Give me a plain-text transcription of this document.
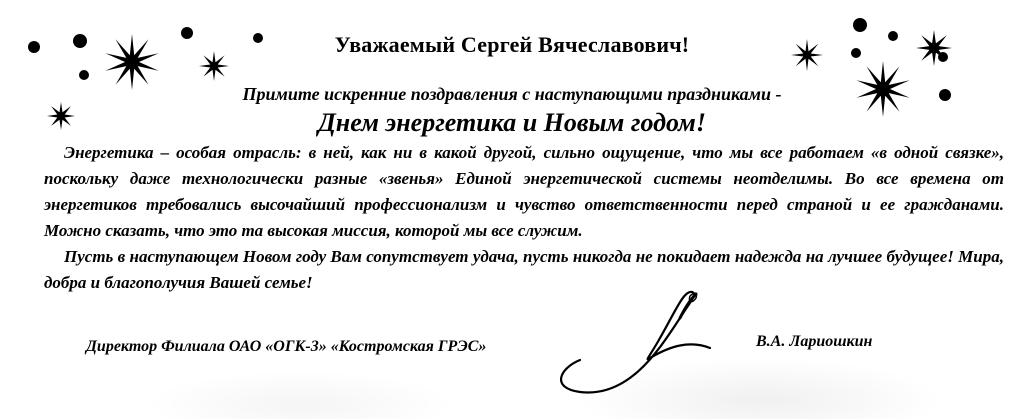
Уважаемый Сергей Вячеславович!
Примите искренние поздравления с наступающими праздниками -
Днем энергетика и Новым годом!

Энергетика – особая отрасль: в ней, как ни в какой другой, сильно ощущение, что мы все работаем «в одной связке», поскольку даже технологически разные «звенья» Единой энергетической системы неотделимы. Во все времена от энергетиков требовались высочайший профессионализм и чувство ответственности перед страной и ее гражданами. Можно сказать, что это та высокая миссия, которой мы все служим.

Пусть в наступающем Новом году Вам сопутствует удача, пусть никогда не покидает надежда на лучшее будущее! Мира, добра и благополучия Вашей семье!

Директор Филиала ОАО «ОГК-3» «Костромская ГРЭС»	В.А. Лариошкин
